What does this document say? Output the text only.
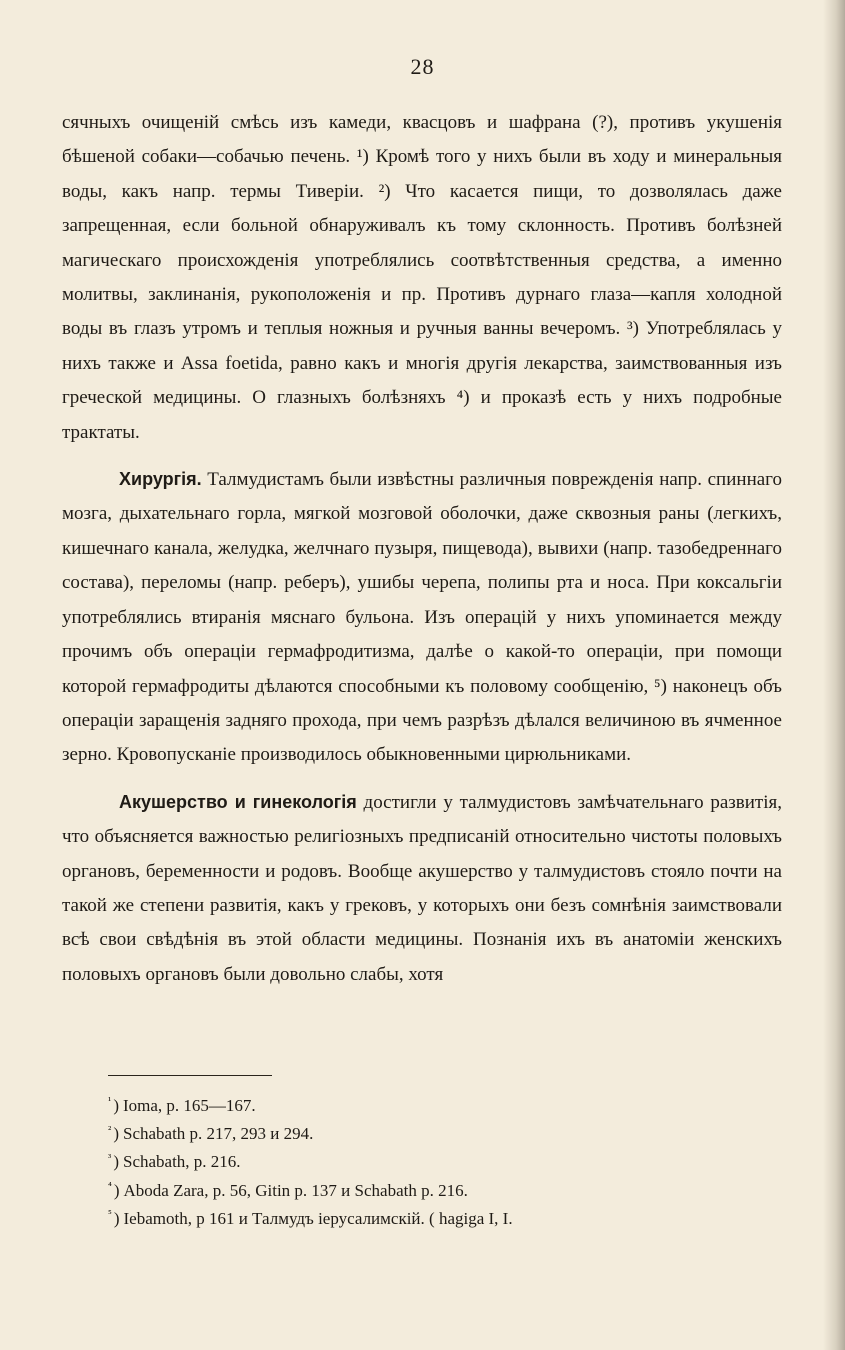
28

сячныхъ очищеній смѣсь изъ камеди, квасцовъ и шафрана (?), противъ укушенія бѣшеной собаки—собачью печень. ¹) Кромѣ того у нихъ были въ ходу и минеральныя воды, какъ напр. термы Тиверіи. ²) Что касается пищи, то дозволялась даже запрещенная, если больной обнаруживалъ къ тому склонность. Противъ болѣзней магическаго происхожденія употреблялись соотвѣтственныя средства, а именно молитвы, заклинанія, рукоположенія и пр. Противъ дурнаго глаза—капля холодной воды въ глазъ утромъ и теплыя ножныя и ручныя ванны вечеромъ. ³) Употреблялась у нихъ также и Assa foetida, равно какъ и многія другія лекарства, заимствованныя изъ греческой медицины. О глазныхъ болѣзняхъ ⁴) и проказѣ есть у нихъ подробные трактаты.

Хирургія. Талмудистамъ были извѣстны различныя поврежденія напр. спиннаго мозга, дыхательнаго горла, мягкой мозговой оболочки, даже сквозныя раны (легкихъ, кишечнаго канала, желудка, желчнаго пузыря, пищевода), вывихи (напр. тазобедреннаго состава), переломы (напр. реберъ), ушибы черепа, полипы рта и носа. При коксальгіи употреблялись втиранія мяснаго бульона. Изъ операцій у нихъ упоминается между прочимъ объ операціи гермафродитизма, далѣе о какой-то операціи, при помощи которой гермафродиты дѣлаются способными къ половому сообщенію, ⁵) наконецъ объ операціи заращенія задняго прохода, при чемъ разрѣзъ дѣлался величиною въ ячменное зерно. Кровопусканіе производилось обыкновенными цирюльниками.

Акушерство и гинекологія достигли у талмудистовъ замѣчательнаго развитія, что объясняется важностью религіозныхъ предписаній относительно чистоты половыхъ органовъ, беременности и родовъ. Вообще акушерство у талмудистовъ стояло почти на такой же степени развитія, какъ у грековъ, у которыхъ они безъ сомнѣнія заимствовали всѣ свои свѣдѣнія въ этой области медицины. Познанія ихъ въ анатоміи женскихъ половыхъ органовъ были довольно слабы, хотя

$^{^1}$ ) Ioma, p. 165—167.
$^{^2}$ ) Schabath p. 217, 293 и 294.
$^{^3}$ ) Schabath, p. 216.
$^{^4}$ ) Aboda Zara, p. 56, Gitin p. 137 и Schabath p. 216.
$^{^5}$ ) Iebamoth, p 161 и Талмудъ іерусалимскій. ( hagiga I, I.
